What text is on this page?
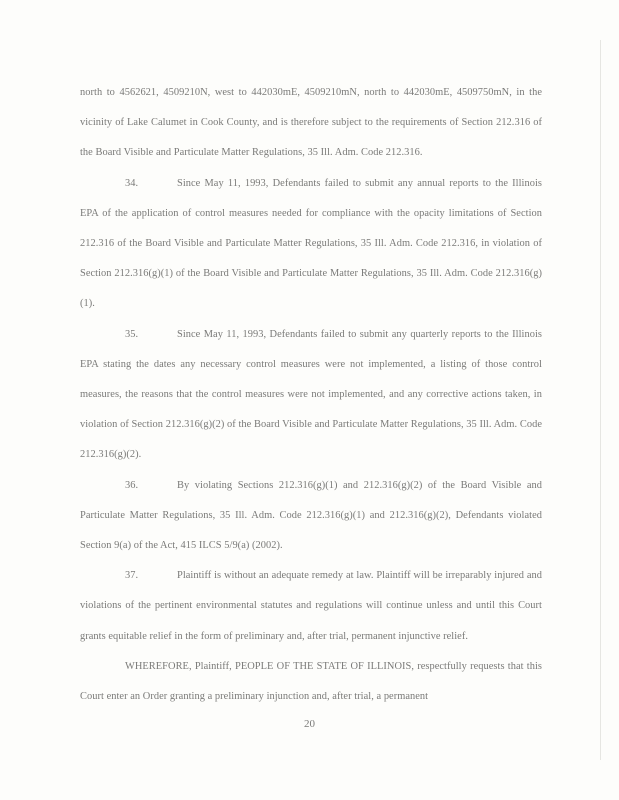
north to 4562621, 4509210N, west to 442030mE, 4509210mN, north to 442030mE, 4509750mN, in the vicinity of Lake Calumet in Cook County, and is therefore subject to the requirements of Section 212.316 of the Board Visible and Particulate Matter Regulations, 35 Ill. Adm. Code 212.316.

34.	Since May 11, 1993, Defendants failed to submit any annual reports to the Illinois EPA of the application of control measures needed for compliance with the opacity limitations of Section 212.316 of the Board Visible and Particulate Matter Regulations, 35 Ill. Adm. Code 212.316, in violation of Section 212.316(g)(1) of the Board Visible and Particulate Matter Regulations, 35 Ill. Adm. Code 212.316(g)(1).

35.	Since May 11, 1993, Defendants failed to submit any quarterly reports to the Illinois EPA stating the dates any necessary control measures were not implemented, a listing of those control measures, the reasons that the control measures were not implemented, and any corrective actions taken, in violation of Section 212.316(g)(2) of the Board Visible and Particulate Matter Regulations, 35 Ill. Adm. Code 212.316(g)(2).

36.	By violating Sections 212.316(g)(1) and 212.316(g)(2) of the Board Visible and Particulate Matter Regulations, 35 Ill. Adm. Code 212.316(g)(1) and 212.316(g)(2), Defendants violated Section 9(a) of the Act, 415 ILCS 5/9(a) (2002).

37.	Plaintiff is without an adequate remedy at law. Plaintiff will be irreparably injured and violations of the pertinent environmental statutes and regulations will continue unless and until this Court grants equitable relief in the form of preliminary and, after trial, permanent injunctive relief.

WHEREFORE, Plaintiff, PEOPLE OF THE STATE OF ILLINOIS, respectfully requests that this Court enter an Order granting a preliminary injunction and, after trial, a permanent

20
